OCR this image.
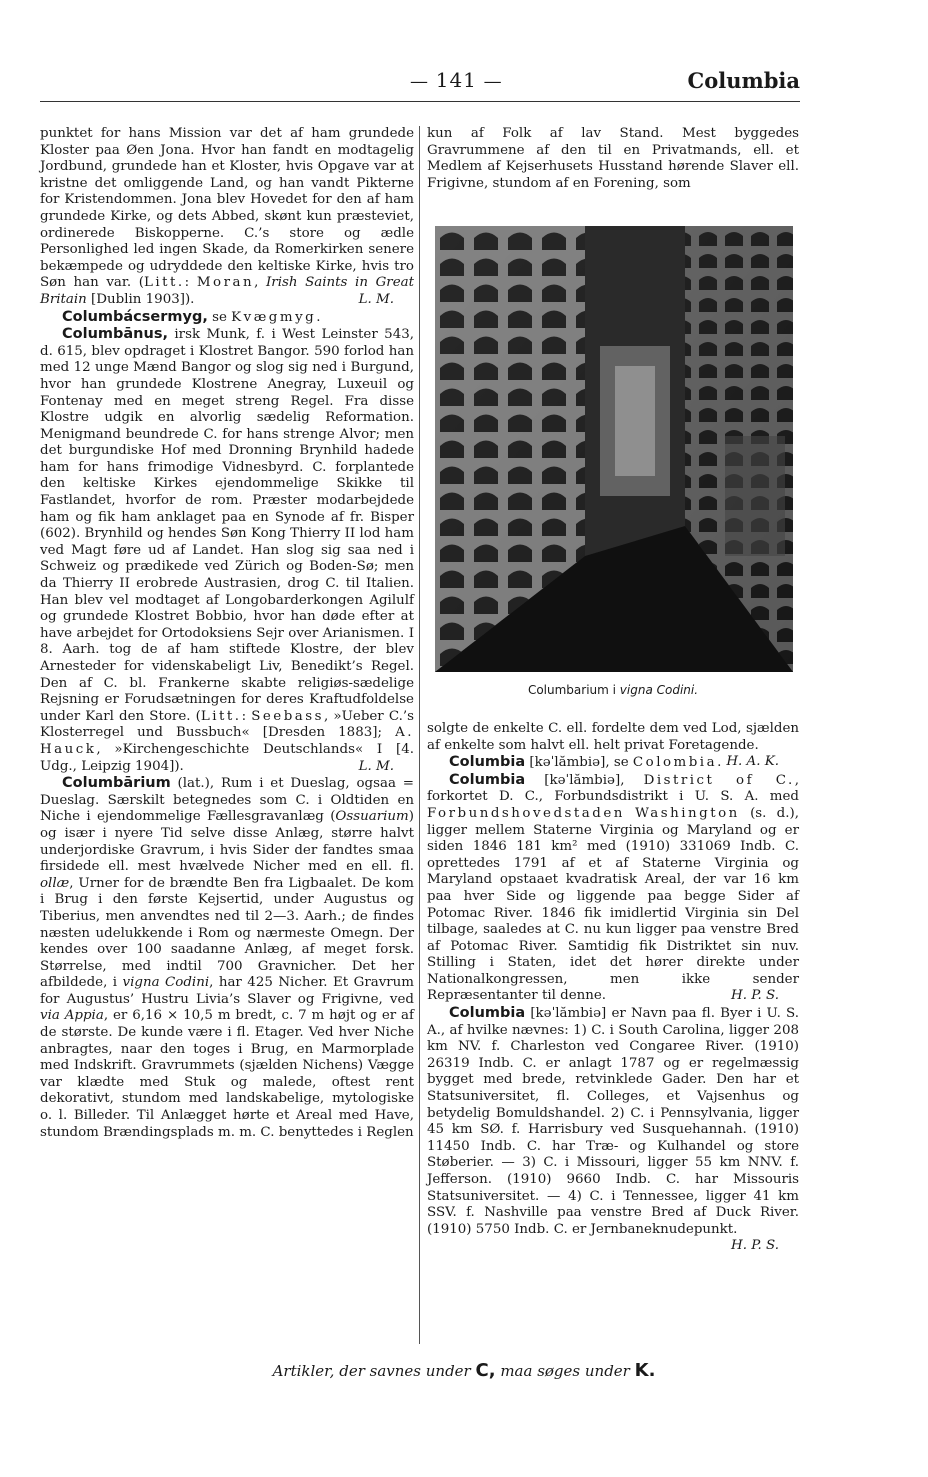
— 141 —	Columbia

punktet for hans Mission var det af ham grundede Kloster paa Øen Jona. Hvor han fandt en modtagelig Jordbund, grundede han et Kloster, hvis Opgave var at kristne det omliggende Land, og han vandt Pikterne for Kristendommen. Jona blev Hovedet for den af ham grundede Kirke, og dets Abbed, skønt kun præsteviet, ordinerede Biskopperne. C.’s store og ædle Personlighed led ingen Skade, da Romerkirken senere bekæmpede og udryddede den keltiske Kirke, hvis tro Søn han var. (Litt.: Moran, Irish Saints in Great Britain [Dublin 1903]).	L. M.

Columbácsermyg, se Kvægmyg.

Columbānus, irsk Munk, f. i West Leinster 543, d. 615, blev opdraget i Klostret Bangor. 590 forlod han med 12 unge Mænd Bangor og slog sig ned i Burgund, hvor han grundede Klostrene Anegray, Luxeuil og Fontenay med en meget streng Regel. Fra disse Klostre udgik en alvorlig sædelig Reformation. Menigmand beundrede C. for hans strenge Alvor; men det burgundiske Hof med Dronning Brynhild hadede ham for hans frimodige Vidnesbyrd. C. forplantede den keltiske Kirkes ejendommelige Skikke til Fastlandet, hvorfor de rom. Præster modarbejdede ham og fik ham anklaget paa en Synode af fr. Bisper (602). Brynhild og hendes Søn Kong Thierry II lod ham ved Magt føre ud af Landet. Han slog sig saa ned i Schweiz og prædikede ved Zürich og Boden-Sø; men da Thierry II erobrede Austrasien, drog C. til Italien. Han blev vel modtaget af Longobarderkongen Agilulf og grundede Klostret Bobbio, hvor han døde efter at have arbejdet for Ortodoksiens Sejr over Arianismen. I 8. Aarh. tog de af ham stiftede Klostre, der blev Arnesteder for videnskabeligt Liv, Benedikt’s Regel. Den af C. bl. Frankerne skabte religiøs-sædelige Rejsning er Forudsætningen for deres Kraftudfoldelse under Karl den Store. (Litt.: Seebass, »Ueber C.’s Klosterregel und Bussbuch« [Dresden 1883]; A. Hauck, »Kirchengeschichte Deutschlands« I [4. Udg., Leipzig 1904]).	L. M.

Columbārium (lat.), Rum i et Dueslag, ogsaa = Dueslag. Særskilt betegnedes som C. i Oldtiden en Niche i ejendommelige Fællesgravanlæg (Ossuarium) og især i nyere Tid selve disse Anlæg, større halvt underjordiske Gravrum, i hvis Sider der fandtes smaa firsidede ell. mest hvælvede Nicher med en ell. fl. ollæ, Urner for de brændte Ben fra Ligbaalet. De kom i Brug i den første Kejsertid, under Augustus og Tiberius, men anvendtes ned til 2—3. Aarh.; de findes næsten udelukkende i Rom og nærmeste Omegn. Der kendes over 100 saadanne Anlæg, af meget forsk. Størrelse, med indtil 700 Gravnicher. Det her afbildede, i vigna Codini, har 425 Nicher. Et Gravrum for Augustus’ Hustru Livia’s Slaver og Frigivne, ved via Appia, er 6,16 × 10,5 m bredt, c. 7 m højt og er af de største. De kunde være i fl. Etager. Ved hver Niche anbragtes, naar den toges i Brug, en Marmorplade med Indskrift. Gravrummets (sjælden Nichens) Vægge var klædte med Stuk og malede, oftest rent dekorativt, stundom med landskabelige, mytologiske o. l. Billeder. Til Anlægget hørte et Areal med Have, stundom Brændingsplads m. m. C. benyttedes i Reglen

kun af Folk af lav Stand. Mest byggedes Gravrummene af den til en Privatmands, ell. et Medlem af Kejserhusets Husstand hørende Slaver ell. Frigivne, stundom af en Forening, som

Columbarium i vigna Codini.

solgte de enkelte C. ell. fordelte dem ved Lod, sjælden af enkelte som halvt ell. helt privat Foretagende.
H. A. K.

Columbia [kəˈlămbiə], se Colombia.

Columbia [kəˈlămbiə], District of C., forkortet D. C., Forbundsdistrikt i U. S. A. med Forbundshovedstaden Washington (s. d.), ligger mellem Staterne Virginia og Maryland og er siden 1846 181 km² med (1910) 331069 Indb. C. oprettedes 1791 af et af Staterne Virginia og Maryland opstaaet kvadratisk Areal, der var 16 km paa hver Side og liggende paa begge Sider af Potomac River. 1846 fik imidlertid Virginia sin Del tilbage, saaledes at C. nu kun ligger paa venstre Bred af Potomac River. Samtidig fik Distriktet sin nuv. Stilling i Staten, idet det hører direkte under Nationalkongressen, men ikke sender Repræsentanter til denne.	H. P. S.

Columbia [kəˈlămbiə] er Navn paa fl. Byer i U. S. A., af hvilke nævnes: 1) C. i South Carolina, ligger 208 km NV. f. Charleston ved Congaree River. (1910) 26319 Indb. C. er anlagt 1787 og er regelmæssig bygget med brede, retvinklede Gader. Den har et Statsuniversitet, fl. Colleges, et Vajsenhus og betydelig Bomuldshandel. 2) C. i Pennsylvania, ligger 45 km SØ. f. Harrisbury ved Susquehannah. (1910) 11450 Indb. C. har Træ- og Kulhandel og store Støberier. — 3) C. i Missouri, ligger 55 km NNV. f. Jefferson. (1910) 9660 Indb. C. har Missouris Statsuniversitet. — 4) C. i Tennessee, ligger 41 km SSV. f. Nashville paa venstre Bred af Duck River. (1910) 5750 Indb. C. er Jernbaneknudepunkt.
H. P. S.

Artikler, der savnes under C, maa søges under K.
